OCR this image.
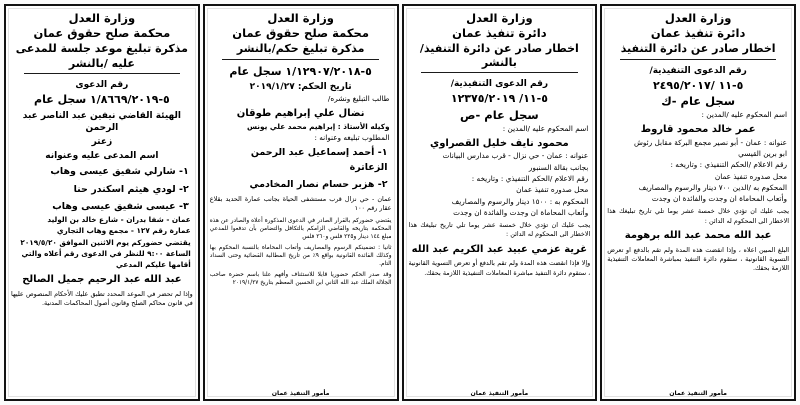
وزارة العدل
محكمة صلح حقوق عمان
مذكرة تبليغ موعد جلسة للمدعى
عليه /بالنشر
رقم الدعوى
٥-١/٨٦٦٩/٢٠١٩ سجل عام
الهيئة القاضي نيفين عبد الناصر عبد الرحمن
زعتر
اسم المدعى عليه وعنوانه
١- شارلي شفيق عيسى وهاب
٢- لودي هيثم اسكندر حنا
٣- عيسى شفيق عيسى وهاب
عمان - شفا بدران - شارع خالد بن الوليد
عمارة رقم ١٢٧ - مجمع وهاب التجاري
يقتضي حضوركم يوم الاثنين الموافق ٢٠١٩/٥/٢٠
الساعة ٩:٠٠ للنظر في الدعوى رقم أعلاه والتي
أقامها عليكم المدعي
عبد الله عبد الرحيم جميل الصالح
وإذا لم تحضر في الموعد المحدد تطبق عليك الأحكام المنصوص عليها في قانون محاكم الصلح وقانون أصول المحاكمات المدنية.
وزارة العدل
محكمة صلح حقوق عمان
مذكرة تبليغ حكم/بالنشر
٥-١/١٢٩٠٧/٢٠١٨ سجل عام
تاريخ الحكم: ٢٠١٩/١/٢٧
طالب التبليغ ونشره/
نضال علي إبراهيم طوقان
وكيله الأستاذ : إبراهيم محمد علي يونس
المطلوب تبليغه وعنوانه :
١- أحمد إسماعيل عبد الرحمن الزعاترة
٢- هزبر حسام نصار المخادمي
عمان - حي نزال قرب مستشفى الحياة بجانب عمارة الحديد بقلاع عقار رقم ١٠٠
يقتضي حضوركم بالقرار الصادر في الدعوى المذكورة أعلاه والصادر عن هذه المحكمة بتاريخه والقاضي الزامكم بالتكافل والتضامن بأن تدفعوا للمدعي مبلغ ١٤٤ دينار و٢٢٥ فلس و٢٦٠ فلس
ثانيا : تضمينكم الرسوم والمصاريف وأتعاب المحاماة بالنسبة المحكوم بها وكذلك الفائدة القانونية بواقع ٩٪ من تاريخ المطالبة القضائية وحتى السداد التام.
وقد صدر الحكم حضوريا قابلا للاستئناف وأفهم علنا باسم حضرة صاحب الجلالة الملك عبد الله الثاني ابن الحسين المعظم بتاريخ ٢٠١٩/١/٢٧
مأمور التنفيذ عمان
وزارة العدل
دائرة تنفيذ عمان
اخطار صادر عن دائرة التنفيذ/بالنشر
رقم الدعوى التنفيذية/
٥-١١/ ١٢٣٧٥/٢٠١٩
سجل عام -ص
اسم المحكوم عليه /المدين :
محمود نايف خليل القصراوي
عنوانه : عمان - حي نزال - قرب مدارس البيانات
بجانب بقالة السنبور
رقم الاعلام /الحكم التنفيذي : وتاريخه :
محل صدوره تنفيذ عمان
المحكوم به : ١٥٠٠ دينار والرسوم والمصاريف
وأتعاب المحاماة ان وجدت والفائدة ان وجدت
يجب عليك ان تؤدي خلال خمسة عشر يوما تلي تاريخ تبليغك هذا الاخطار الى المحكوم له الدائن :
غرية عزمي عبيد عبد الكريم عبد الله
وإلا فإذا انقضت هذه المدة ولم تقم بالدفع أو تعرض التسوية القانونية ، ستقوم دائرة التنفيذ مباشرة المعاملات التنفيذية اللازمة بحقك.
مأمور التنفيذ عمان
وزارة العدل
دائرة تنفيذ عمان
اخطار صادر عن دائرة التنفيذ
رقم الدعوى التنفيذية/
٥-١١ /٢٤٩٥/٢٠١٧
سجل عام -ك
اسم المحكوم عليه /المدين :
عمر خالد محمود قاروط
عنوانه : عمان - أبو نصير مجمع البركة مقابل رئوش
ابو برين القيسي
رقم الاعلام /الحكم التنفيذي : وتاريخه :
محل صدوره تنفيذ عمان
المحكوم به /الدين ٧٠٠ دينار والرسوم والمصاريف
وأتعاب المحاماة ان وجدت والفائدة ان وجدت
يجب عليك ان تؤدي خلال خمسة عشر يوما تلي تاريخ تبليغك هذا الاخطار الى المحكوم له الدائن :
عبد الله محمد عبد الله برهومة
البلغ المبين اعلاه ، وإذا انقضت هذه المدة ولم تقم بالدفع او تعرض التسوية القانونية ، ستقوم دائرة التنفيذ بمباشرة المعاملات التنفيذية اللازمة بحقك.
مأمور التنفيذ عمان
